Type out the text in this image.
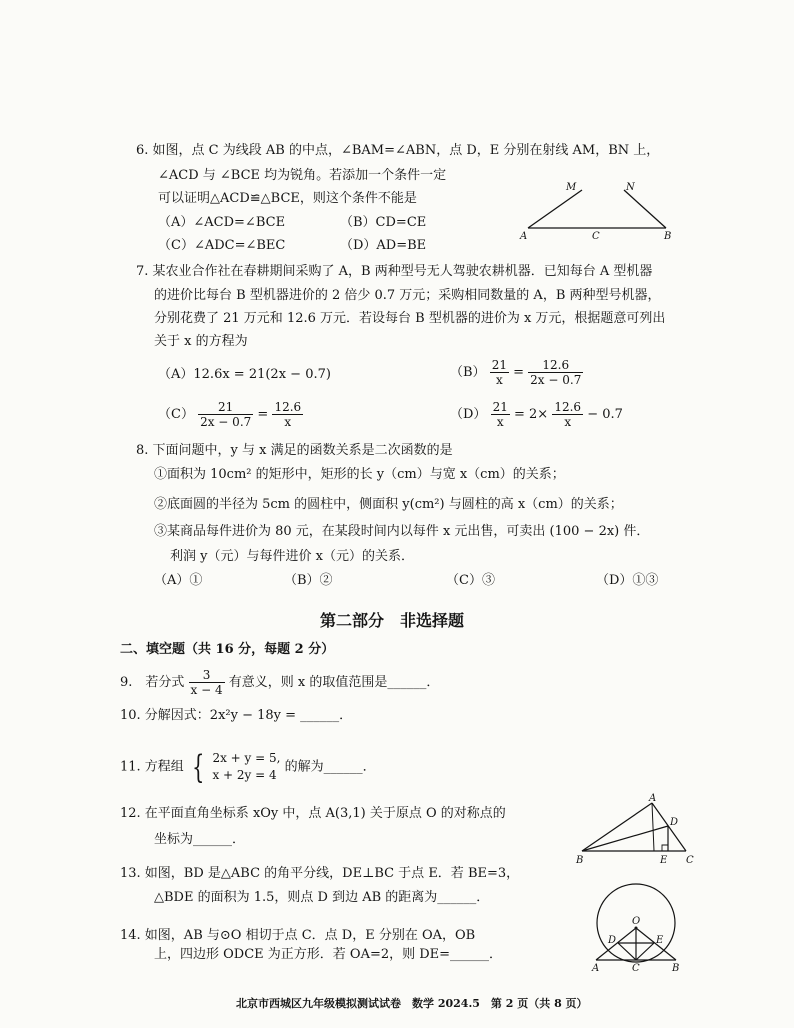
6. 如图，点 C 为线段 AB 的中点，∠BAM=∠ABN，点 D，E 分别在射线 AM，BN 上，
∠ACD 与 ∠BCE 均为锐角。若添加一个条件一定
可以证明△ACD≌△BCE，则这个条件不能是
（A）∠ACD=∠BCE	（B）CD=CE
（C）∠ADC=∠BEC	（D）AD=BE
M	N
A	C	B
7. 某农业合作社在春耕期间采购了 A，B 两种型号无人驾驶农耕机器．已知每台 A 型机器
的进价比每台 B 型机器进价的 2 倍少 0.7 万元；采购相同数量的 A，B 两种型号机器，
分别花费了 21 万元和 12.6 万元．若设每台 B 型机器的进价为 x 万元，根据题意可列出
关于 x 的方程为
（A）12.6x = 21(2x − 0.7)	$(B) \frac{21}{x} = \frac{12.6}{2x - 0.7}$
$(C) \frac{21}{2x - 0.7} = \frac{12.6}{x}$	$(D) \frac{21}{x} = 2\times \frac{12.6}{x} - 0.7$
8. 下面问题中，y 与 x 满足的函数关系是二次函数的是
①面积为 10cm² 的矩形中，矩形的长 y（cm）与宽 x（cm）的关系；
②底面圆的半径为 5cm 的圆柱中，侧面积 y(cm²) 与圆柱的高 x（cm）的关系；
③某商品每件进价为 80 元，在某段时间内以每件 x 元出售，可卖出 (100 − 2x) 件．
利润 y（元）与每件进价 x（元）的关系．
（A）①	（B）②	（C）③	（D）①③
第二部分　非选择题
二、填空题（共 16 分，每题 2 分）
9.　若分式 $\frac{3}{x - 4}$ 有意义，则 x 的取值范围是______．
10. 分解因式：2x²y − 18y = ______．
11. 方程组 { 2x + y = 5,
x + 2y = 4
的解为______．
12. 在平面直角坐标系 xOy 中，点 A(3,1) 关于原点 O 的对称点的
坐标为______．
A
D
B	E C
13. 如图，BD 是△ABC 的角平分线，DE⊥BC 于点 E．若 BE=3，
△BDE 的面积为 1.5，则点 D 到边 AB 的距离为______．
14. 如图，AB 与⊙O 相切于点 C．点 D，E 分别在 OA，OB
上，四边形 ODCE 为正方形．若 OA=2，则 DE=______．
O
D	E
A	C	B
北京市西城区九年级模拟测试试卷　数学 2024.5　第 2 页（共 8 页）
